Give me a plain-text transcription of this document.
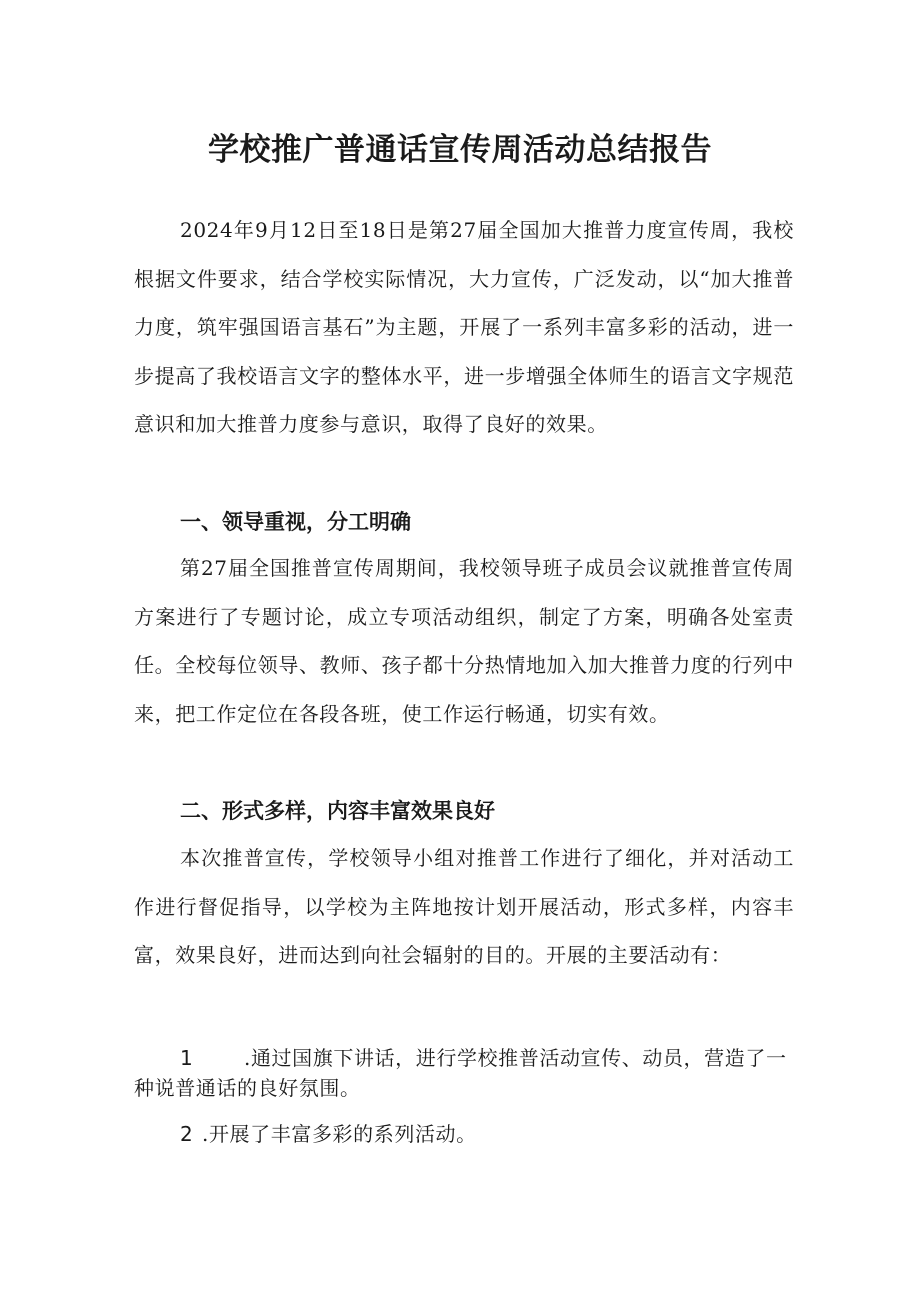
学校推广普通话宣传周活动总结报告

2024年9月12日至18日是第27届全国加大推普力度宣传周，我校根据文件要求，结合学校实际情况，大力宣传，广泛发动，以“加大推普力度，筑牢强国语言基石”为主题，开展了一系列丰富多彩的活动，进一步提高了我校语言文字的整体水平，进一步增强全体师生的语言文字规范意识和加大推普力度参与意识，取得了良好的效果。

一、领导重视，分工明确

第27届全国推普宣传周期间，我校领导班子成员会议就推普宣传周方案进行了专题讨论，成立专项活动组织，制定了方案，明确各处室责任。全校每位领导、教师、孩子都十分热情地加入加大推普力度的行列中来，把工作定位在各段各班，使工作运行畅通，切实有效。

二、形式多样，内容丰富效果良好

本次推普宣传，学校领导小组对推普工作进行了细化，并对活动工作进行督促指导，以学校为主阵地按计划开展活动，形式多样，内容丰富，效果良好，进而达到向社会辐射的目的。开展的主要活动有：

1	.通过国旗下讲话，进行学校推普活动宣传、动员，营造了一种说普通话的良好氛围。

2 .开展了丰富多彩的系列活动。
